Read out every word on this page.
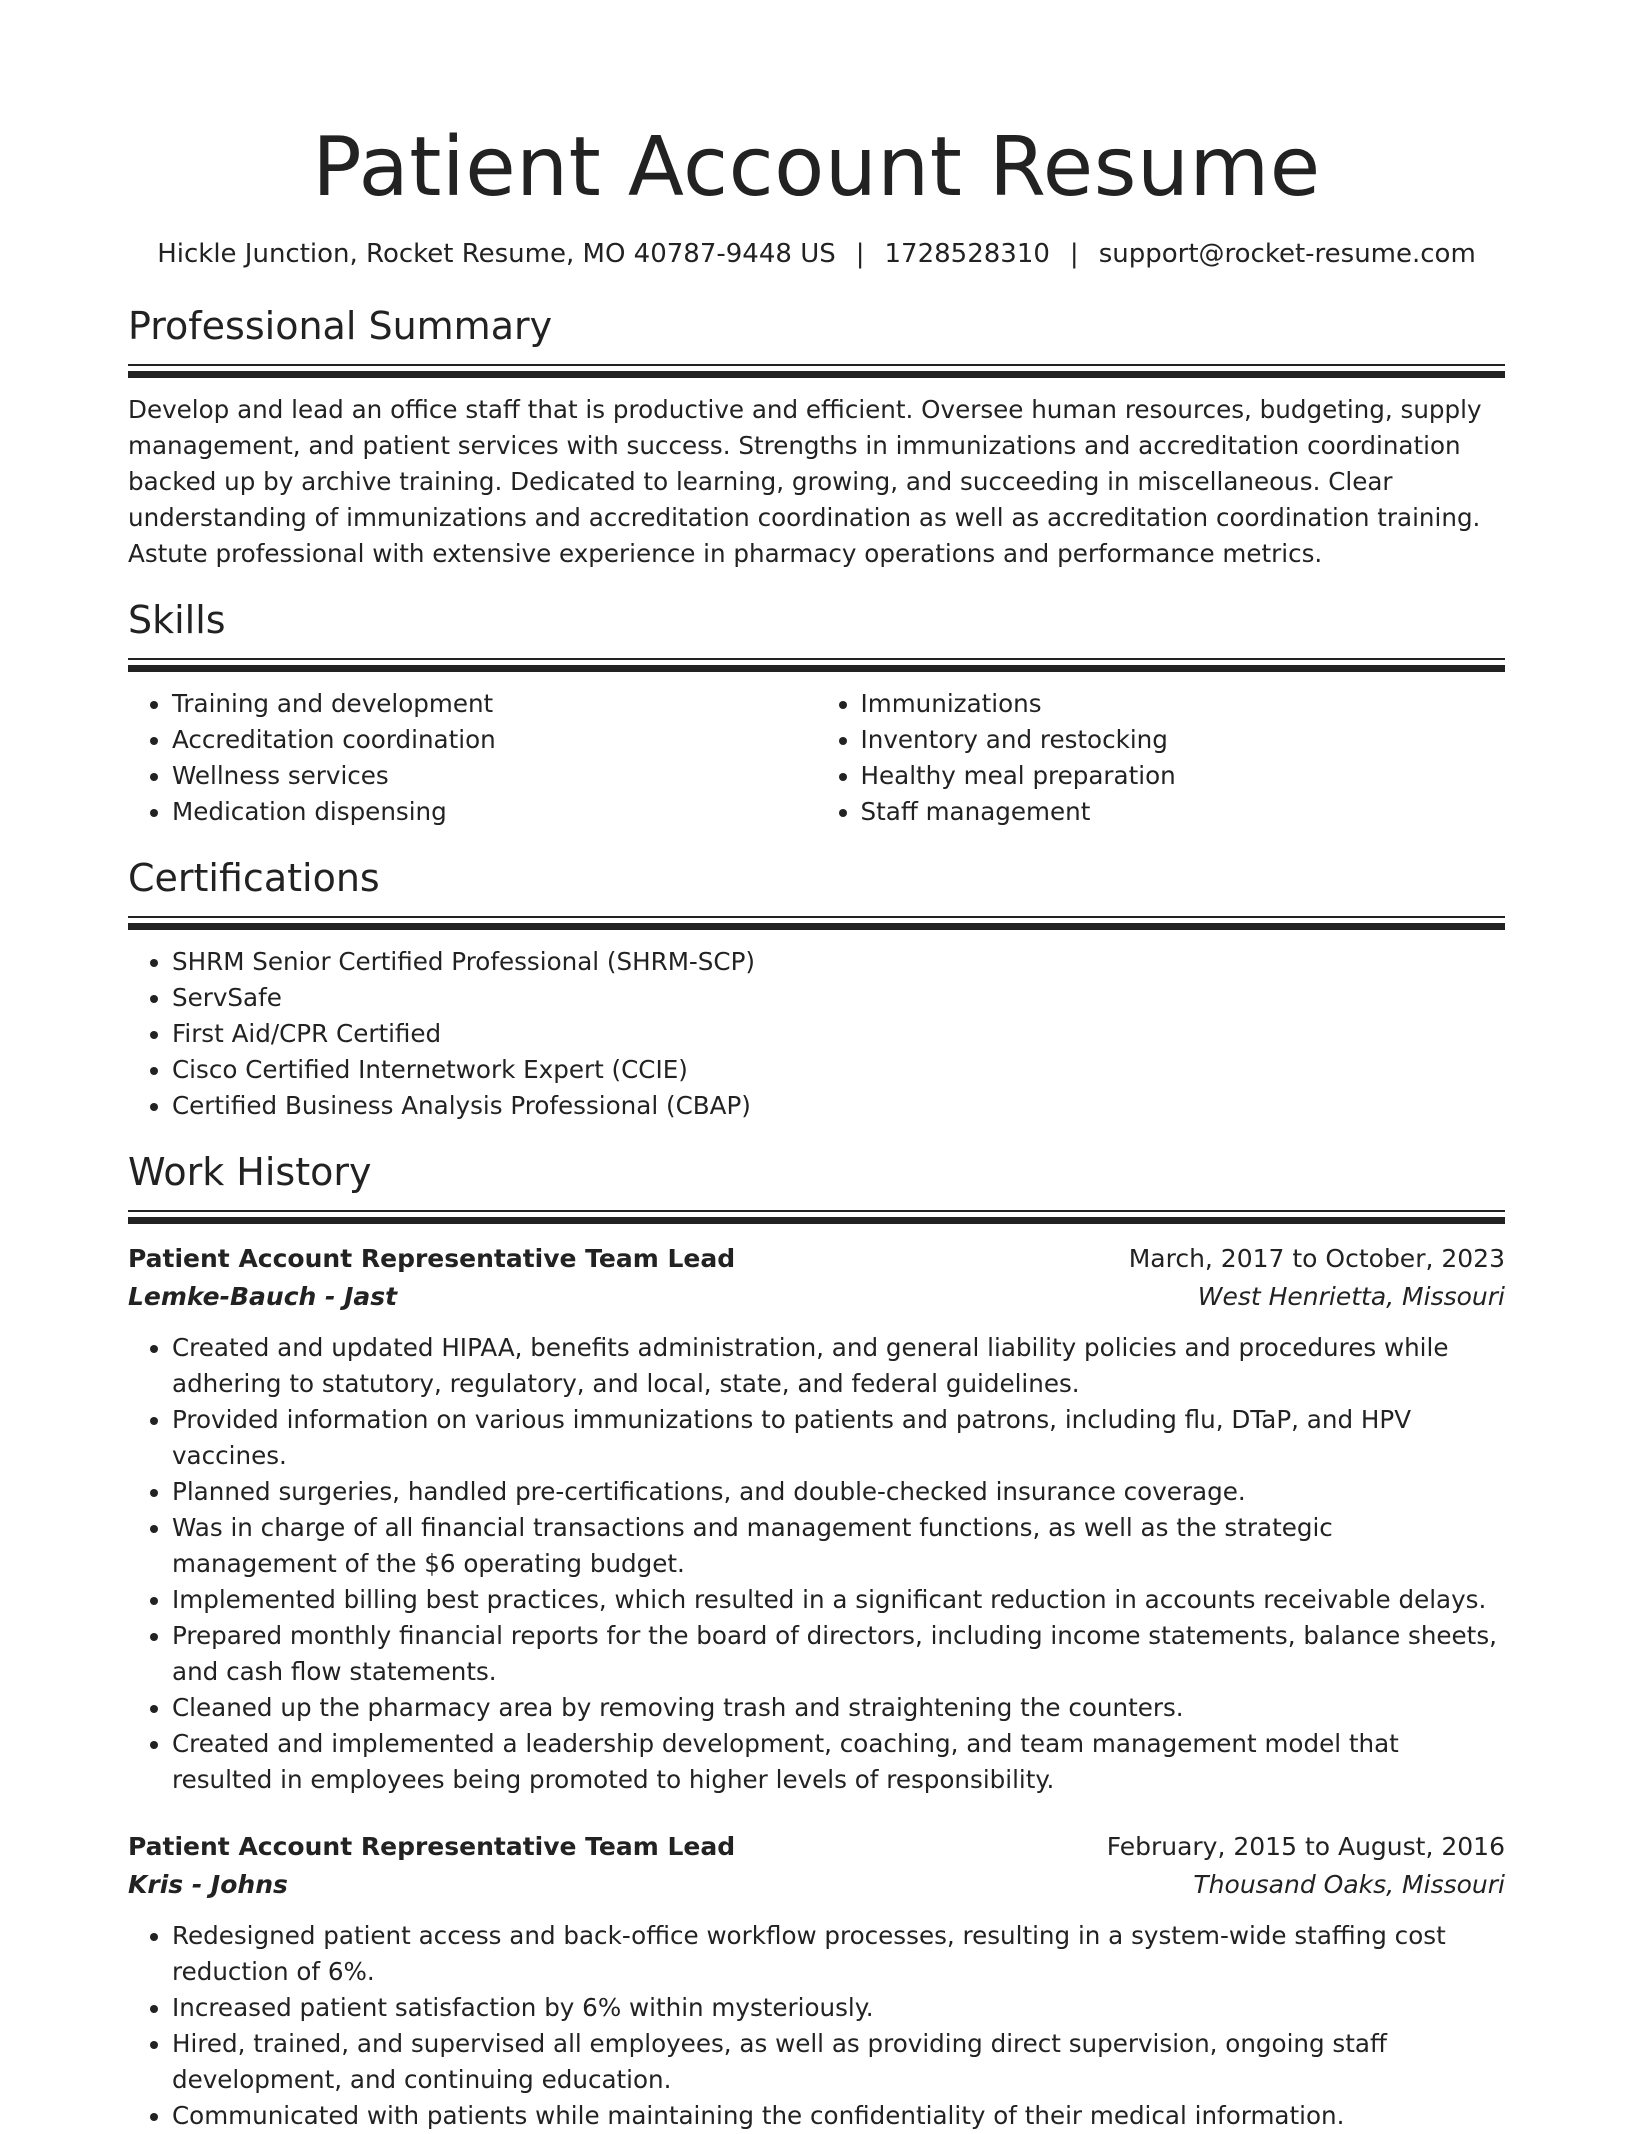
Patient Account Resume
Hickle Junction, Rocket Resume, MO 40787-9448 US | 1728528310 | support@rocket-resume.com
Professional Summary

Develop and lead an office staff that is productive and efficient. Oversee human resources, budgeting, supply management, and patient services with success. Strengths in immunizations and accreditation coordination backed up by archive training. Dedicated to learning, growing, and succeeding in miscellaneous. Clear understanding of immunizations and accreditation coordination as well as accreditation coordination training. Astute professional with extensive experience in pharmacy operations and performance metrics.

Skills
• Training and development
• Accreditation coordination
• Wellness services
• Medication dispensing
• Immunizations
• Inventory and restocking
• Healthy meal preparation
• Staff management
Certifications
• SHRM Senior Certified Professional (SHRM-SCP)
• ServSafe
• First Aid/CPR Certified
• Cisco Certified Internetwork Expert (CCIE)
• Certified Business Analysis Professional (CBAP)
Work History
Patient Account Representative Team Lead	March, 2017 to October, 2023
Lemke-Bauch - Jast	West Henrietta, Missouri
• Created and updated HIPAA, benefits administration, and general liability policies and procedures while adhering to statutory, regulatory, and local, state, and federal guidelines.
• Provided information on various immunizations to patients and patrons, including flu, DTaP, and HPV vaccines.
• Planned surgeries, handled pre-certifications, and double-checked insurance coverage.
• Was in charge of all financial transactions and management functions, as well as the strategic management of the $6 operating budget.
• Implemented billing best practices, which resulted in a significant reduction in accounts receivable delays.
• Prepared monthly financial reports for the board of directors, including income statements, balance sheets, and cash flow statements.
• Cleaned up the pharmacy area by removing trash and straightening the counters.
• Created and implemented a leadership development, coaching, and team management model that resulted in employees being promoted to higher levels of responsibility.
Patient Account Representative Team Lead	February, 2015 to August, 2016
Kris - Johns	Thousand Oaks, Missouri
• Redesigned patient access and back-office workflow processes, resulting in a system-wide staffing cost reduction of 6%.
• Increased patient satisfaction by 6% within mysteriously.
• Hired, trained, and supervised all employees, as well as providing direct supervision, ongoing staff development, and continuing education.
• Communicated with patients while maintaining the confidentiality of their medical information.
